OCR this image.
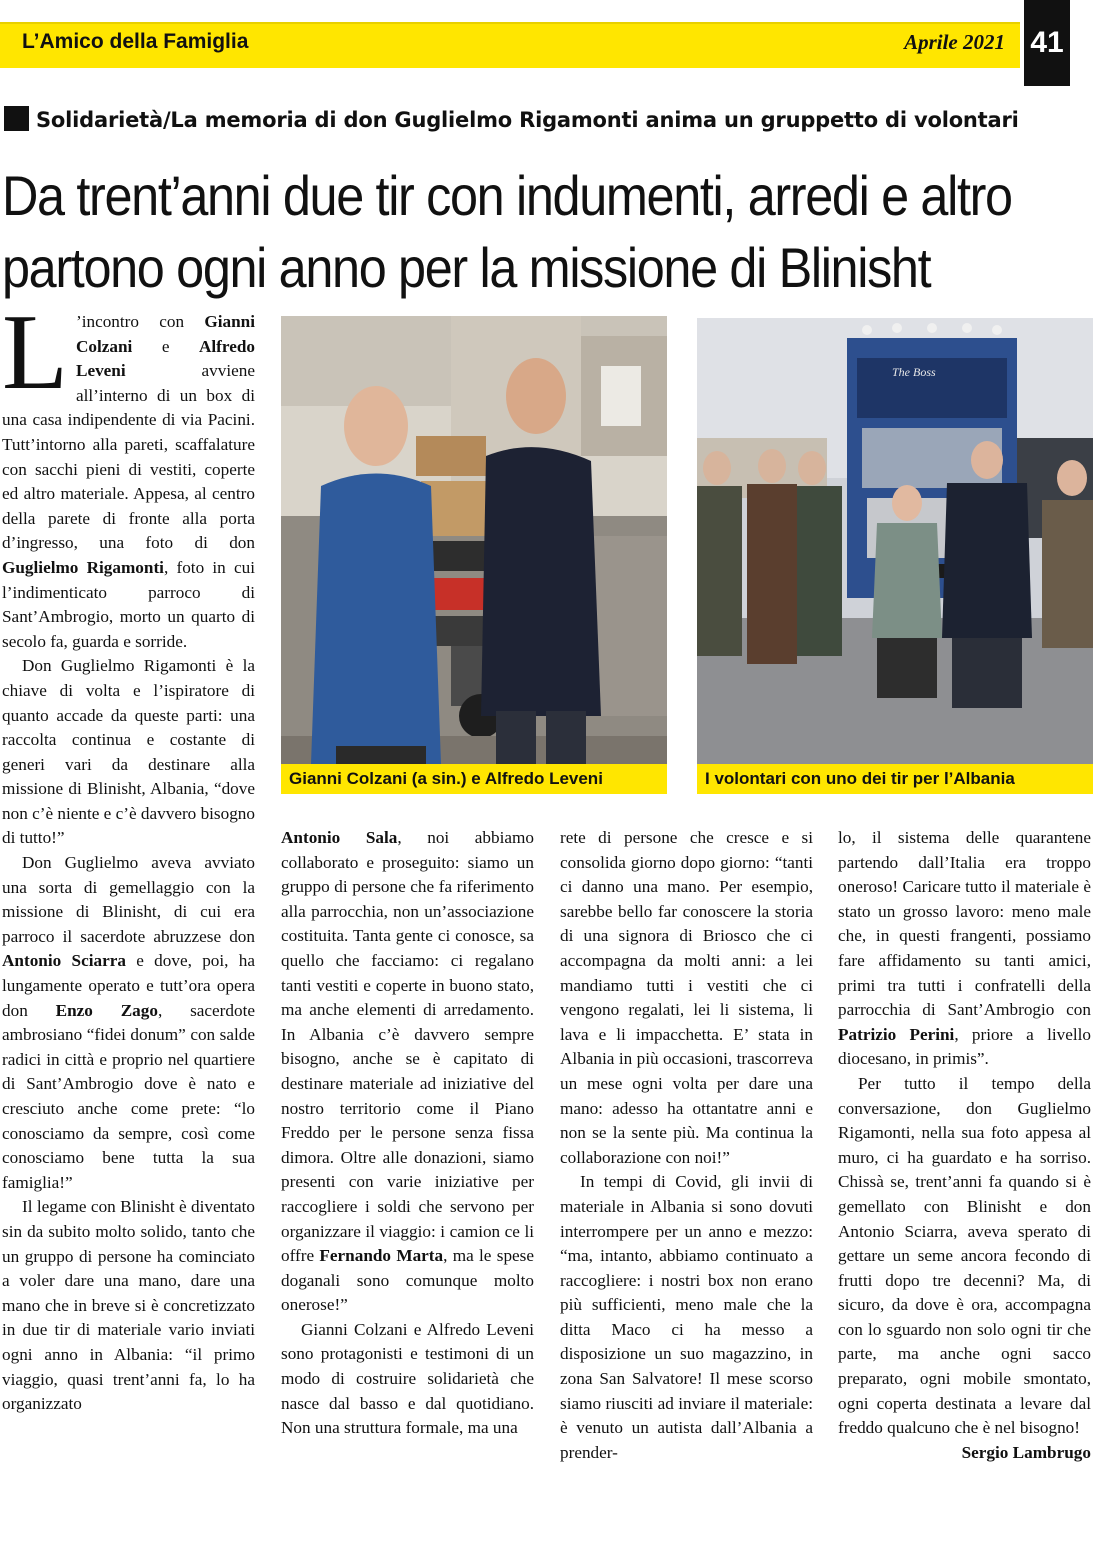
L’Amico della Famiglia	Aprile 2021 41
Solidarietà/La memoria di don Guglielmo Rigamonti anima un gruppetto di volontari
Da trent’anni due tir con indumenti, arredi e altro
partono ogni anno per la missione di Blinisht
Gianni Colzani (a sin.) e Alfredo Leveni
The Boss
I volontari con uno dei tir per l’Albania

L ’incontro con Gianni Colzani e Alfredo Leveni avviene all’interno di un box di una casa indipendente di via Pacini. Tutt’intorno alla pareti, scaffalature con sacchi pieni di vestiti, coperte ed altro materiale. Appesa, al centro della parete di fronte alla porta d’ingresso, una foto di don Guglielmo Rigamonti, foto in cui l’indimenticato parroco di Sant’Ambrogio, morto un quarto di secolo fa, guarda e sorride.

Don Guglielmo Rigamonti è la chiave di volta e l’ispiratore di quanto accade da queste parti: una raccolta continua e costante di generi vari da destinare alla missione di Blinisht, Albania, “dove non c’è niente e c’è davvero bisogno di tutto!”

Don Guglielmo aveva avviato una sorta di gemellaggio con la missione di Blinisht, di cui era parroco il sacerdote abruzzese don Antonio Sciarra e dove, poi, ha lungamente operato e tutt’ora opera don Enzo Zago, sacerdote ambrosiano “fidei donum” con salde radici in città e proprio nel quartiere di Sant’Ambrogio dove è nato e cresciuto anche come prete: “lo conosciamo da sempre, così come conosciamo bene tutta la sua famiglia!”

Il legame con Blinisht è diventato sin da subito molto solido, tanto che un gruppo di persone ha cominciato a voler dare una mano, dare una mano che in breve si è concretizzato in due tir di materiale vario inviati ogni anno in Albania: “il primo viaggio, quasi trent’anni fa, lo ha organizzato

Antonio Sala, noi abbiamo collaborato e proseguito: siamo un gruppo di persone che fa riferimento alla parrocchia, non un’associazione costituita. Tanta gente ci conosce, sa quello che facciamo: ci regalano tanti vestiti e coperte in buono stato, ma anche elementi di arredamento. In Albania c’è davvero sempre bisogno, anche se è capitato di destinare materiale ad iniziative del nostro territorio come il Piano Freddo per le persone senza fissa dimora. Oltre alle donazioni, siamo presenti con varie iniziative per raccogliere i soldi che servono per organizzare il viaggio: i camion ce li offre Fernando Marta, ma le spese doganali sono comunque molto onerose!”

Gianni Colzani e Alfredo Leveni sono protagonisti e testimoni di un modo di costruire solidarietà che nasce dal basso e dal quotidiano. Non una struttura formale, ma una

rete di persone che cresce e si consolida giorno dopo giorno: “tanti ci danno una mano. Per esempio, sarebbe bello far conoscere la storia di una signora di Briosco che ci accompagna da molti anni: a lei mandiamo tutti i vestiti che ci vengono regalati, lei li sistema, li lava e li impacchetta. E’ stata in Albania in più occasioni, trascorreva un mese ogni volta per dare una mano: adesso ha ottantatre anni e non se la sente più. Ma continua la collaborazione con noi!”

In tempi di Covid, gli invii di materiale in Albania si sono dovuti interrompere per un anno e mezzo: “ma, intanto, abbiamo continuato a raccogliere: i nostri box non erano più sufficienti, meno male che la ditta Maco ci ha messo a disposizione un suo magazzino, in zona San Salvatore! Il mese scorso siamo riusciti ad inviare il materiale: è venuto un autista dall’Albania a prender-

lo, il sistema delle quarantene partendo dall’Italia era troppo oneroso! Caricare tutto il materiale è stato un grosso lavoro: meno male che, in questi frangenti, possiamo fare affidamento su tanti amici, primi tra tutti i confratelli della parrocchia di Sant’Ambrogio con Patrizio Perini, priore a livello diocesano, in primis”.

Per tutto il tempo della conversazione, don Guglielmo Rigamonti, nella sua foto appesa al muro, ci ha guardato e ha sorriso. Chissà se, trent’anni fa quando si è gemellato con Blinisht e don Antonio Sciarra, aveva sperato di gettare un seme ancora fecondo di frutti dopo tre decenni? Ma, di sicuro, da dove è ora, accompagna con lo sguardo non solo ogni tir che parte, ma anche ogni sacco preparato, ogni mobile smontato, ogni coperta destinata a levare dal freddo qualcuno che è nel bisogno!

Sergio Lambrugo
